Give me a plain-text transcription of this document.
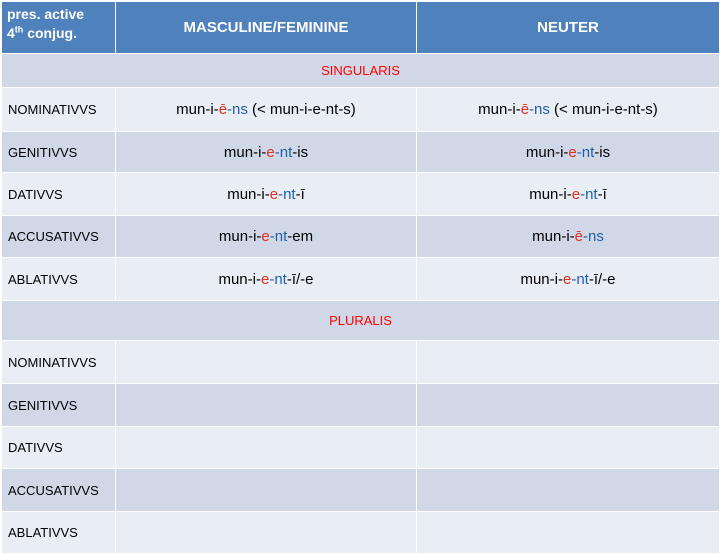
pres. active
4th conjug.	MASCULINE/FEMININE	NEUTER
SINGULARIS		
NOMINATIVVS	mun-i-ē-ns (< mun-i-e-nt-s)	mun-i-ē-ns (< mun-i-e-nt-s)
GENITIVVS	mun-i-e-nt-is	mun-i-e-nt-is
DATIVVS	mun-i-e-nt-ī	mun-i-e-nt-ī
ACCUSATIVVS	mun-i-e-nt-em	mun-i-ē-ns
ABLATIVVS	mun-i-e-nt-ī/-e	mun-i-e-nt-ī/-e
PLURALIS		
NOMINATIVVS		
GENITIVVS		
DATIVVS		
ACCUSATIVVS		
ABLATIVVS		
